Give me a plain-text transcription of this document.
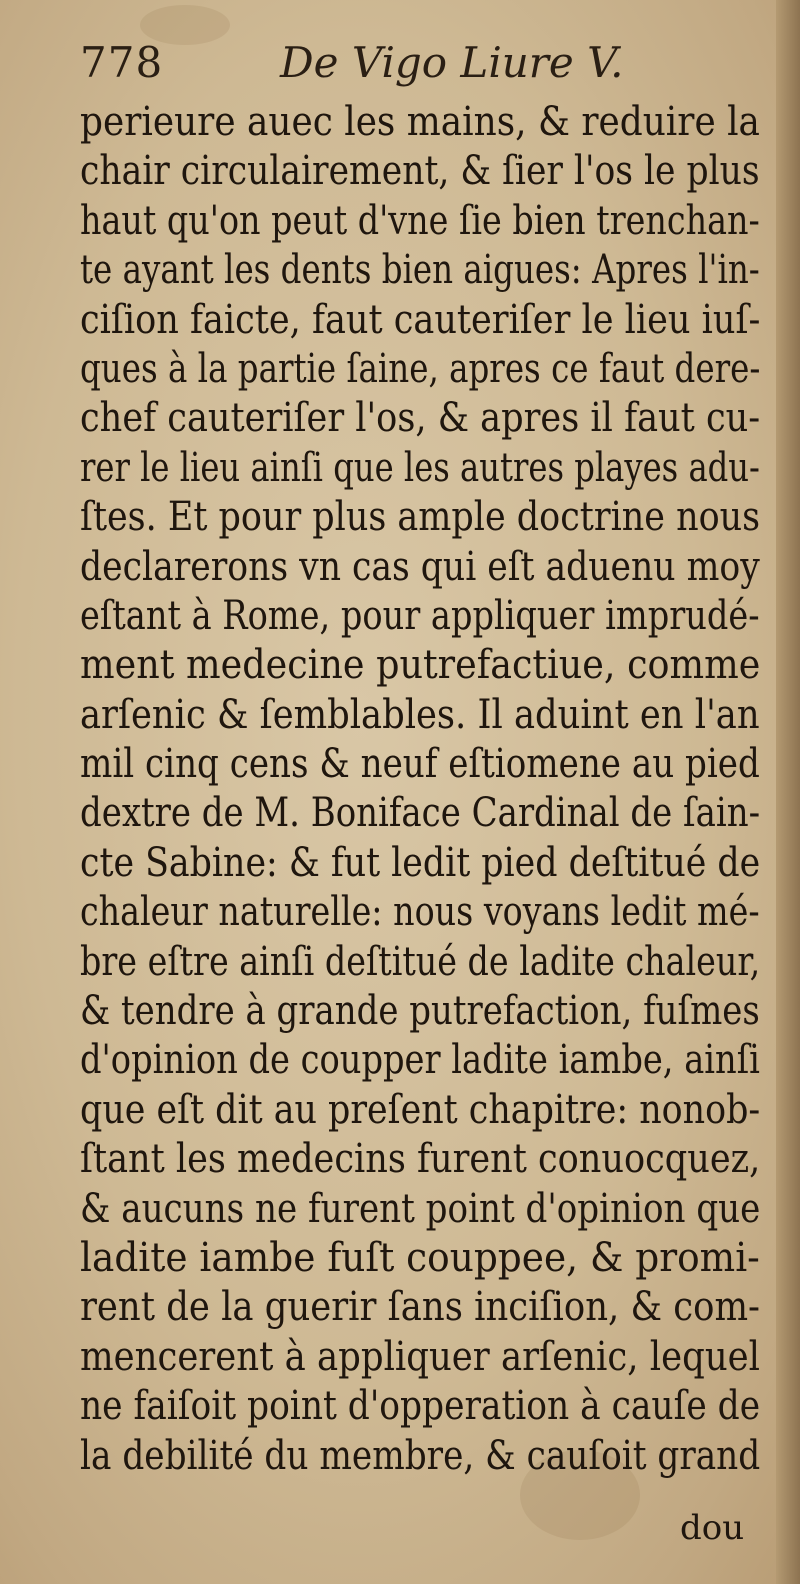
778	De Vigo Liure V.
perieure auec les mains, & reduire la
chair circulairement, & ſier l'os le plus
haut qu'on peut d'vne ſie bien trenchan-
te ayant les dents bien aigues: Apres l'in-
ciſion faicte, faut cauteriſer le lieu iuſ-
ques à la partie ſaine, apres ce faut dere-
chef cauteriſer l'os, & apres il faut cu-
rer le lieu ainſi que les autres playes adu-
ſtes. Et pour plus ample doctrine nous
declarerons vn cas qui eſt aduenu moy
eſtant à Rome, pour appliquer imprudé-
ment medecine putrefactiue, comme
arſenic & ſemblables. Il aduint en l'an
mil cinq cens & neuf eſtiomene au pied
dextre de M. Boniface Cardinal de ſain-
cte Sabine: & fut ledit pied deſtitué de
chaleur naturelle: nous voyans ledit mé-
bre eſtre ainſi deſtitué de ladite chaleur,
& tendre à grande putrefaction, fuſmes
d'opinion de coupper ladite iambe, ainſi
que eſt dit au preſent chapitre: nonob-
ſtant les medecins furent conuocquez,
& aucuns ne furent point d'opinion que
ladite iambe fuſt couppee, & promi-
rent de la guerir ſans inciſion, & com-
mencerent à appliquer arſenic, lequel
ne faiſoit point d'opperation à cauſe de
la debilité du membre, & cauſoit grand
dou
